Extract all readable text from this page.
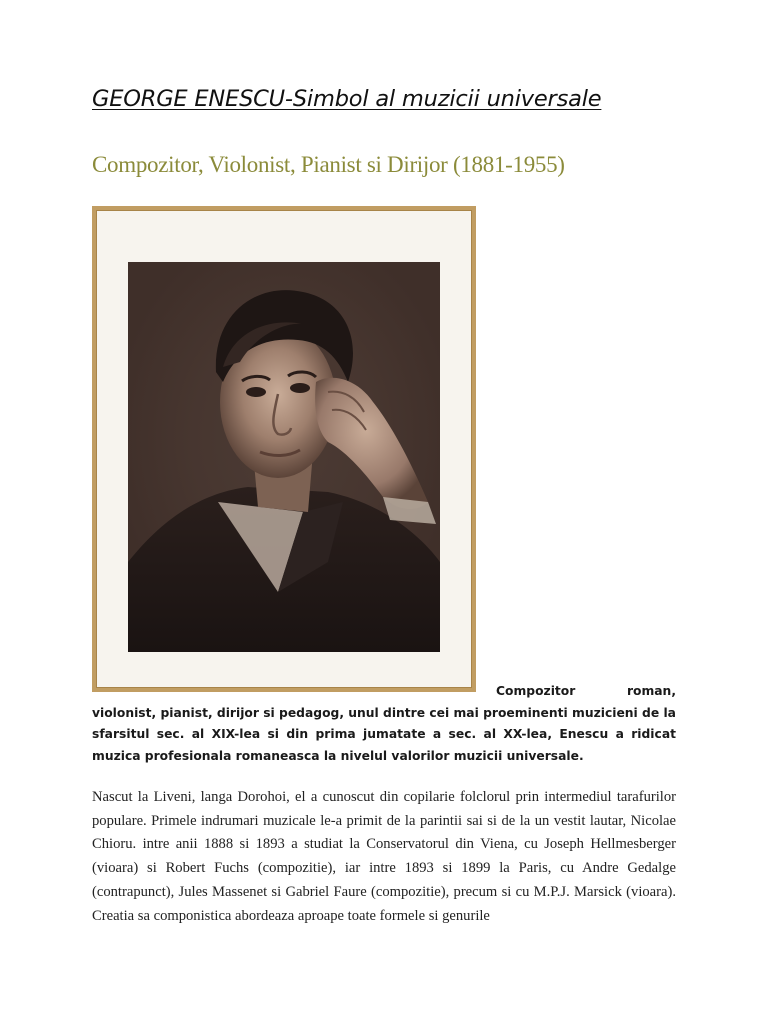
GEORGE ENESCU-Simbol al muzicii universale
Compozitor, Violonist, Pianist si Dirijor (1881-1955)
Compozitor	roman,
violonist, pianist, dirijor si pedagog, unul dintre cei mai proeminenti muzicieni de la sfarsitul sec. al XIX-lea si din prima jumatate a sec. al XX-lea, Enescu a ridicat muzica profesionala romaneasca la nivelul valorilor muzicii universale.
Nascut la Liveni, langa Dorohoi, el a cunoscut din copilarie folclorul prin intermediul tarafurilor populare. Primele indrumari muzicale le-a primit de la parintii sai si de la un vestit lautar, Nicolae Chioru. intre anii 1888 si 1893 a studiat la Conservatorul din Viena, cu Joseph Hellmesberger (vioara) si Robert Fuchs (compozitie), iar intre 1893 si 1899 la Paris, cu Andre Gedalge (contrapunct), Jules Massenet si Gabriel Faure (compozitie), precum si cu M.P.J. Marsick (vioara). Creatia sa componistica abordeaza aproape toate formele si genurile
